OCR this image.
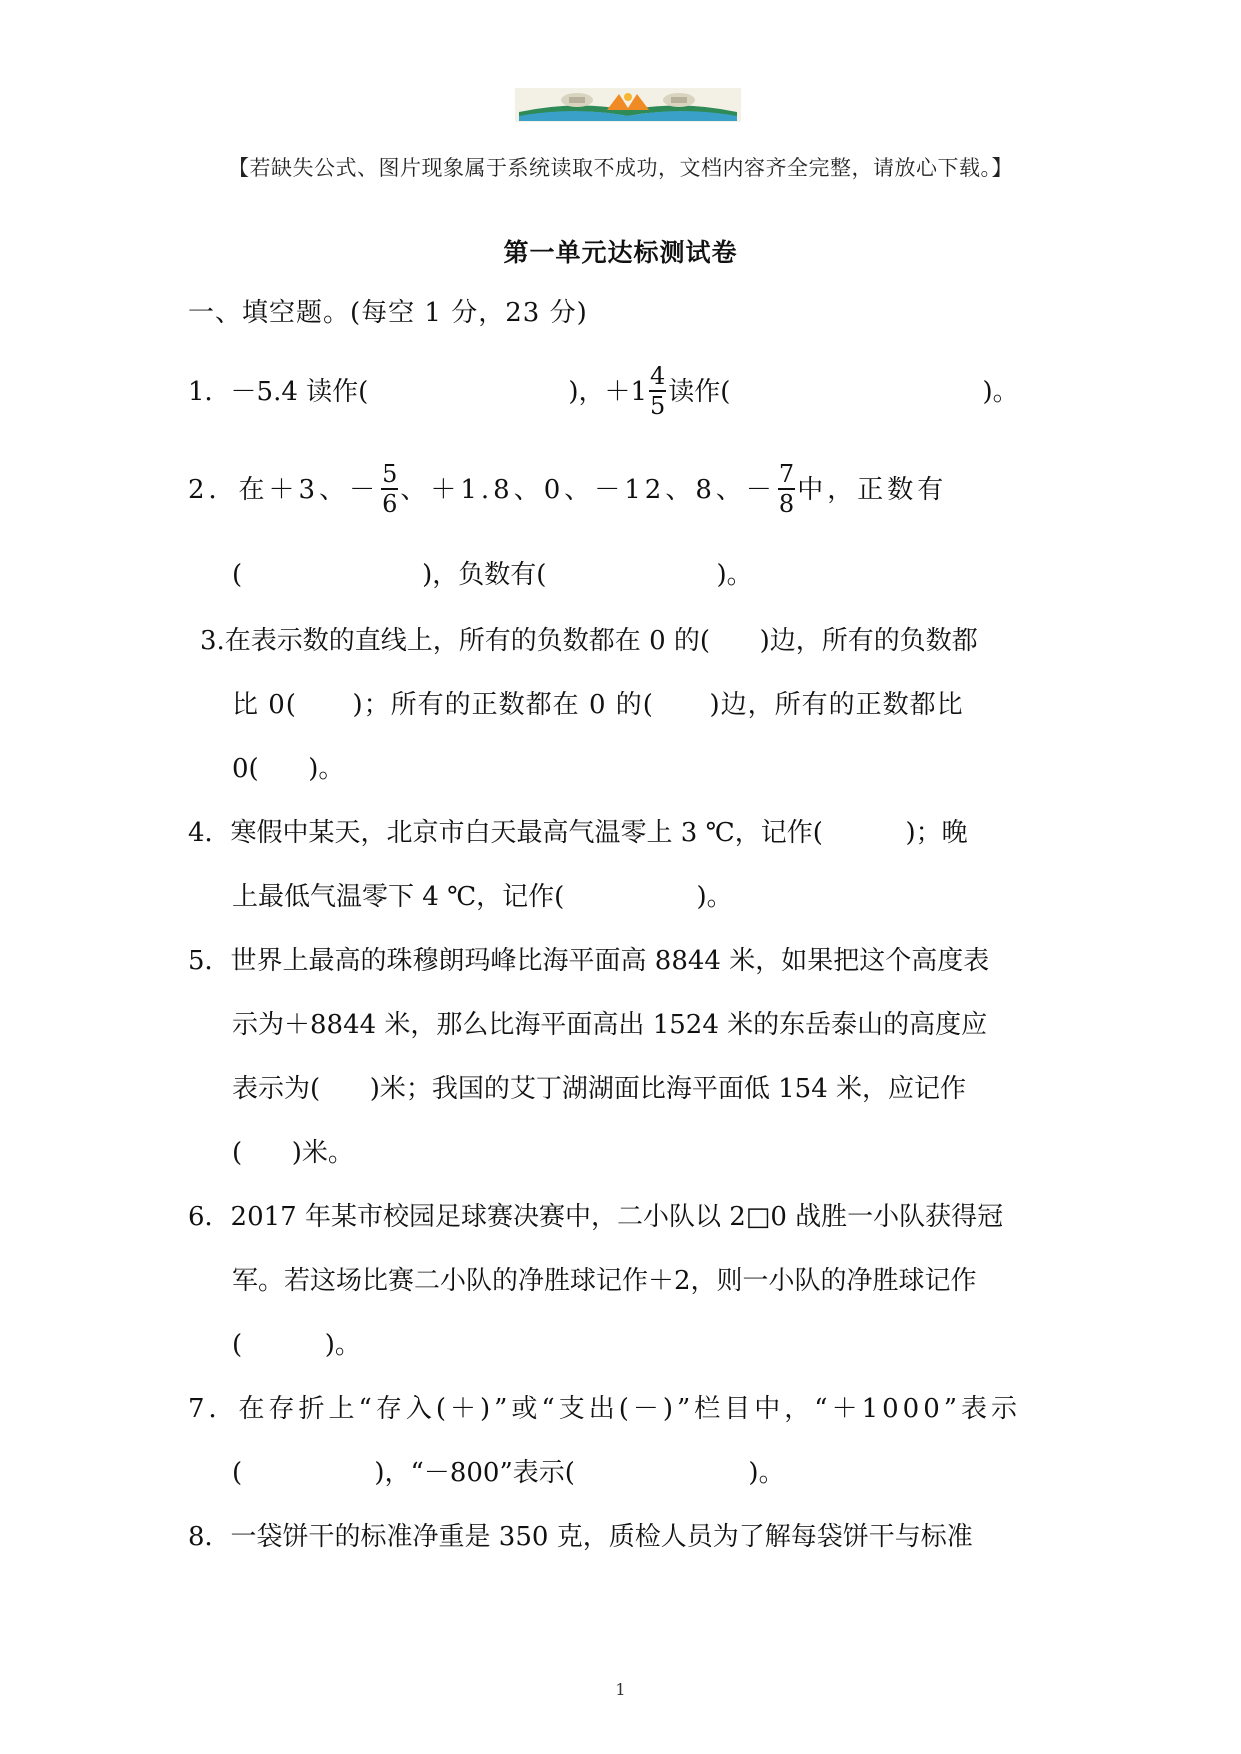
【若缺失公式、图片现象属于系统读取不成功，文档内容齐全完整，请放心下载。】
第一单元达标测试卷
一、填空题。(每空 1 分，23 分)
1．－5.4 读作(	)，$+1 \frac{4}{5}$ 读作(	)。
2．在＋3、－ $\frac{5}{6}$ 、＋1.8、0、－12、8、－ $\frac{7}{8}$ 中，正数有
(	)，负数有(	)。
3.在表示数的直线上，所有的负数都在 0 的(      )边，所有的负数都
比 0(      )；所有的正数都在 0 的(      )边，所有的正数都比
0(      )。
4．寒假中某天，北京市白天最高气温零上 3 ℃，记作(          )；晚
上最低气温零下 4 ℃，记作(                )。
5．世界上最高的珠穆朗玛峰比海平面高 8844 米，如果把这个高度表
示为＋8844 米，那么比海平面高出 1524 米的东岳泰山的高度应
表示为(      )米；我国的艾丁湖湖面比海平面低 154 米，应记作
(      )米。
6．2017 年某市校园足球赛决赛中，二小队以 2□0 战胜一小队获得冠
军。若这场比赛二小队的净胜球记作＋2，则一小队的净胜球记作
(          )。
7．在存折上“存入(＋)”或“支出(－)”栏目中，“＋1000”表示
(                )，“－800”表示(                     )。
8．一袋饼干的标准净重是 350 克，质检人员为了解每袋饼干与标准
1
